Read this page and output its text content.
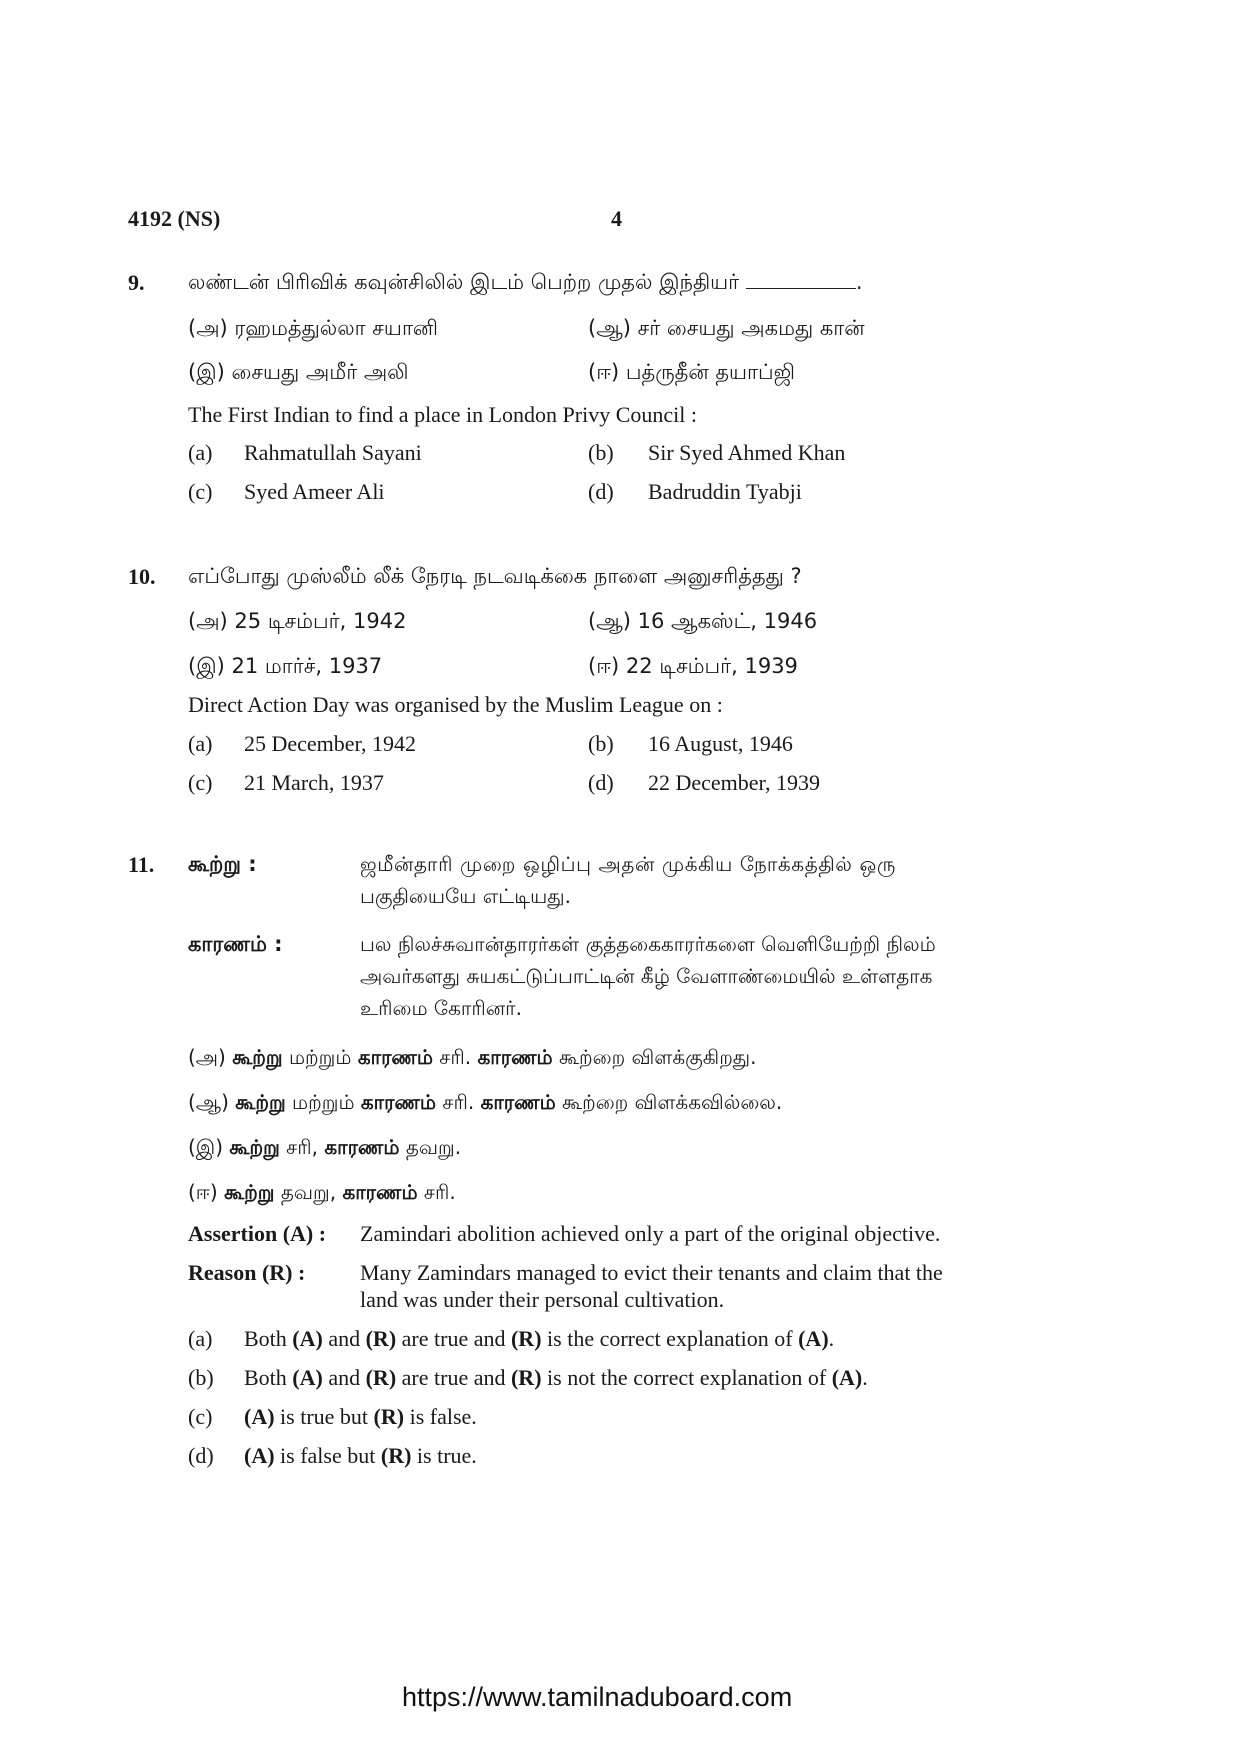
4192 (NS)	4
9. லண்டன் பிரிவிக் கவுன்சிலில் இடம் பெற்ற முதல் இந்தியர்	.
(அ) ரஹமத்துல்லா சயானி	(ஆ) சர் சையது அகமது கான்
(இ) சையது அமீர் அலி	(ஈ) பத்ருதீன் தயாப்ஜி
The First Indian to find a place in London Privy Council :
(a) Rahmatullah Sayani	(b) Sir Syed Ahmed Khan
(c) Syed Ameer Ali	(d) Badruddin Tyabji
10. எப்போது முஸ்லீம் லீக் நேரடி நடவடிக்கை நாளை அனுசரித்தது ?
(அ) 25 டிசம்பர், 1942	(ஆ) 16 ஆகஸ்ட், 1946
(இ) 21 மார்ச், 1937	(ஈ) 22 டிசம்பர், 1939
Direct Action Day was organised by the Muslim League on :
(a) 25 December, 1942	(b) 16 August, 1946
(c) 21 March, 1937	(d) 22 December, 1939
11. கூற்று :	ஜமீன்தாரி முறை ஒழிப்பு அதன் முக்கிய நோக்கத்தில் ஒரு
பகுதியையே எட்டியது.
காரணம் :	பல நிலச்சுவான்தாரர்கள் குத்தகைகாரர்களை வெளியேற்றி நிலம்
அவர்களது சுயகட்டுப்பாட்டின் கீழ் வேளாண்மையில் உள்ளதாக
உரிமை கோரினர்.
(அ) கூற்று மற்றும் காரணம் சரி. காரணம் கூற்றை விளக்குகிறது.
(ஆ) கூற்று மற்றும் காரணம் சரி. காரணம் கூற்றை விளக்கவில்லை.
(இ) கூற்று சரி, காரணம் தவறு.
(ஈ) கூற்று தவறு, காரணம் சரி.
Assertion (A) : Zamindari abolition achieved only a part of the original objective.
Reason (R) : Many Zamindars managed to evict their tenants and claim that the
land was under their personal cultivation.
(a) Both (A) and (R) are true and (R) is the correct explanation of (A).
(b) Both (A) and (R) are true and (R) is not the correct explanation of (A).
(c) (A) is true but (R) is false.
(d) (A) is false but (R) is true.
https://www.tamilnaduboard.com
